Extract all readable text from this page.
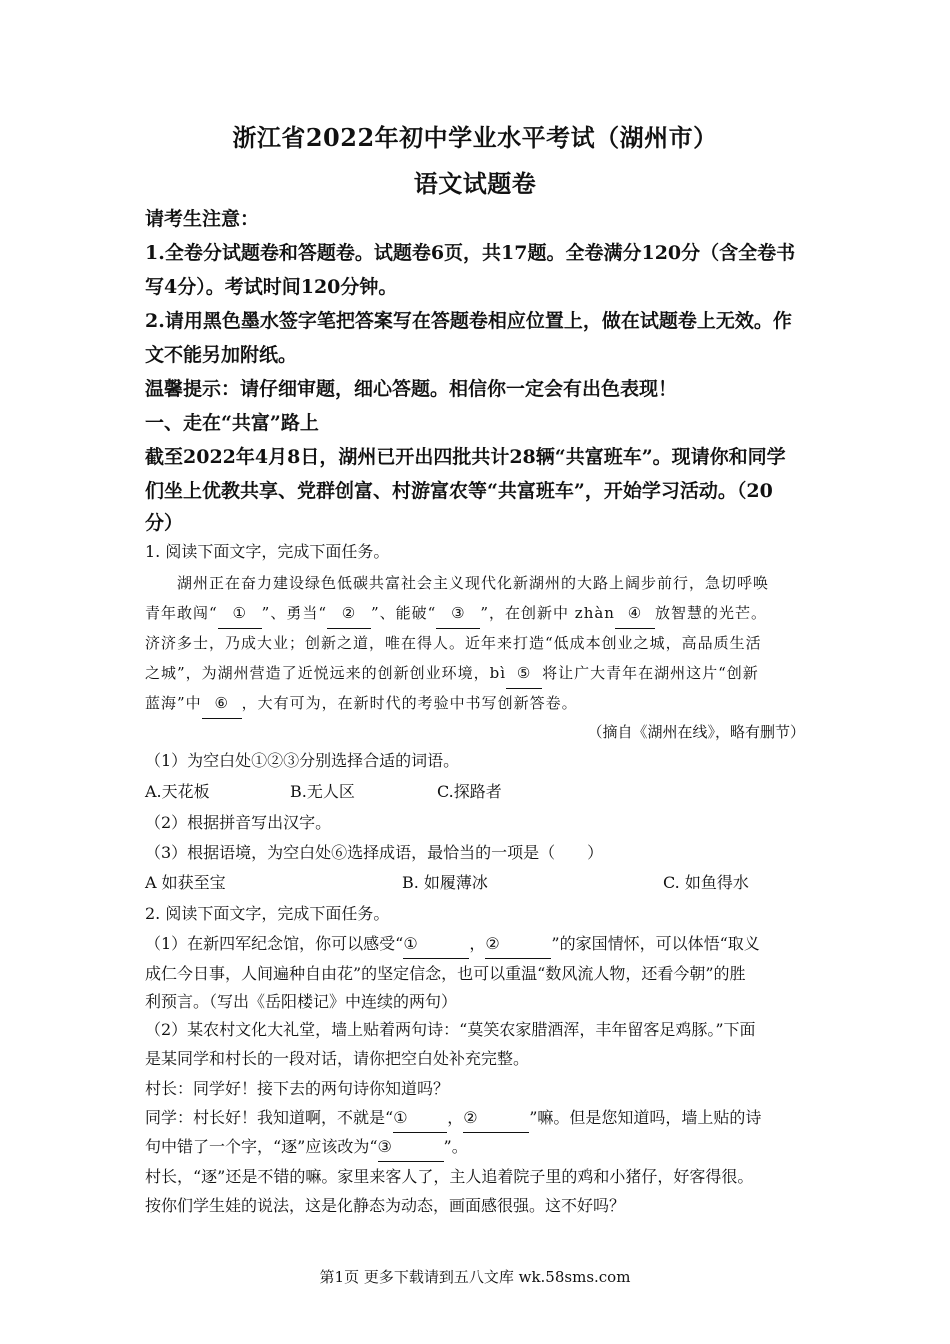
浙江省2022年初中学业水平考试（湖州市）
语文试题卷
请考生注意：
1.全卷分试题卷和答题卷。试题卷6页，共17题。全卷满分120分（含全卷书
写4分）。考试时间120分钟。
2.请用黑色墨水签字笔把答案写在答题卷相应位置上，做在试题卷上无效。作
文不能另加附纸。
温馨提示：请仔细审题，细心答题。相信你一定会有出色表现！
一、走在“共富”路上
截至2022年4月8日，湖州已开出四批共计28辆“共富班车”。现请你和同学
们坐上优教共享、党群创富、村游富农等“共富班车”，开始学习活动。（20
分）
1. 阅读下面文字，完成下面任务。
湖州正在奋力建设绿色低碳共富社会主义现代化新湖州的大路上阔步前行，急切呼唤
青年敢闯“ ① ”、勇当“ ② ”、能破“ ③ ”，在创新中 zhàn ④ 放智慧的光芒。
济济多士，乃成大业；创新之道，唯在得人。近年来打造“低成本创业之城，高品质生活
之城”，为湖州营造了近悦远来的创新创业环境，bì ⑤ 将让广大青年在湖州这片“创新
蓝海”中 ⑥ ，大有可为，在新时代的考验中书写创新答卷。
（摘自《湖州在线》，略有删节）
（1）为空白处①②③分别选择合适的词语。
A.天花板	B.无人区	C.探路者
（2）根据拼音写出汉字。
（3）根据语境，为空白处⑥选择成语，最恰当的一项是（　　）
A 如获至宝	B. 如履薄冰	C. 如鱼得水
2. 阅读下面文字，完成下面任务。
（1）在新四军纪念馆，你可以感受“①	，②	”的家国情怀，可以体悟“取义
成仁今日事，人间遍种自由花”的坚定信念，也可以重温“数风流人物，还看今朝”的胜
利预言。（写出《岳阳楼记》中连续的两句）
（2）某农村文化大礼堂，墙上贴着两句诗：“莫笑农家腊酒浑，丰年留客足鸡豚。”下面
是某同学和村长的一段对话，请你把空白处补充完整。
村长：同学好！接下去的两句诗你知道吗？
同学：村长好！我知道啊，不就是“① ，②	”嘛。但是您知道吗，墙上贴的诗
句中错了一个字，“逐”应该改为“③	”。
村长，“逐”还是不错的嘛。家里来客人了，主人追着院子里的鸡和小猪仔，好客得很。
按你们学生娃的说法，这是化静态为动态，画面感很强。这不好吗？
第1页 更多下载请到五八文库 wk.58sms.com
